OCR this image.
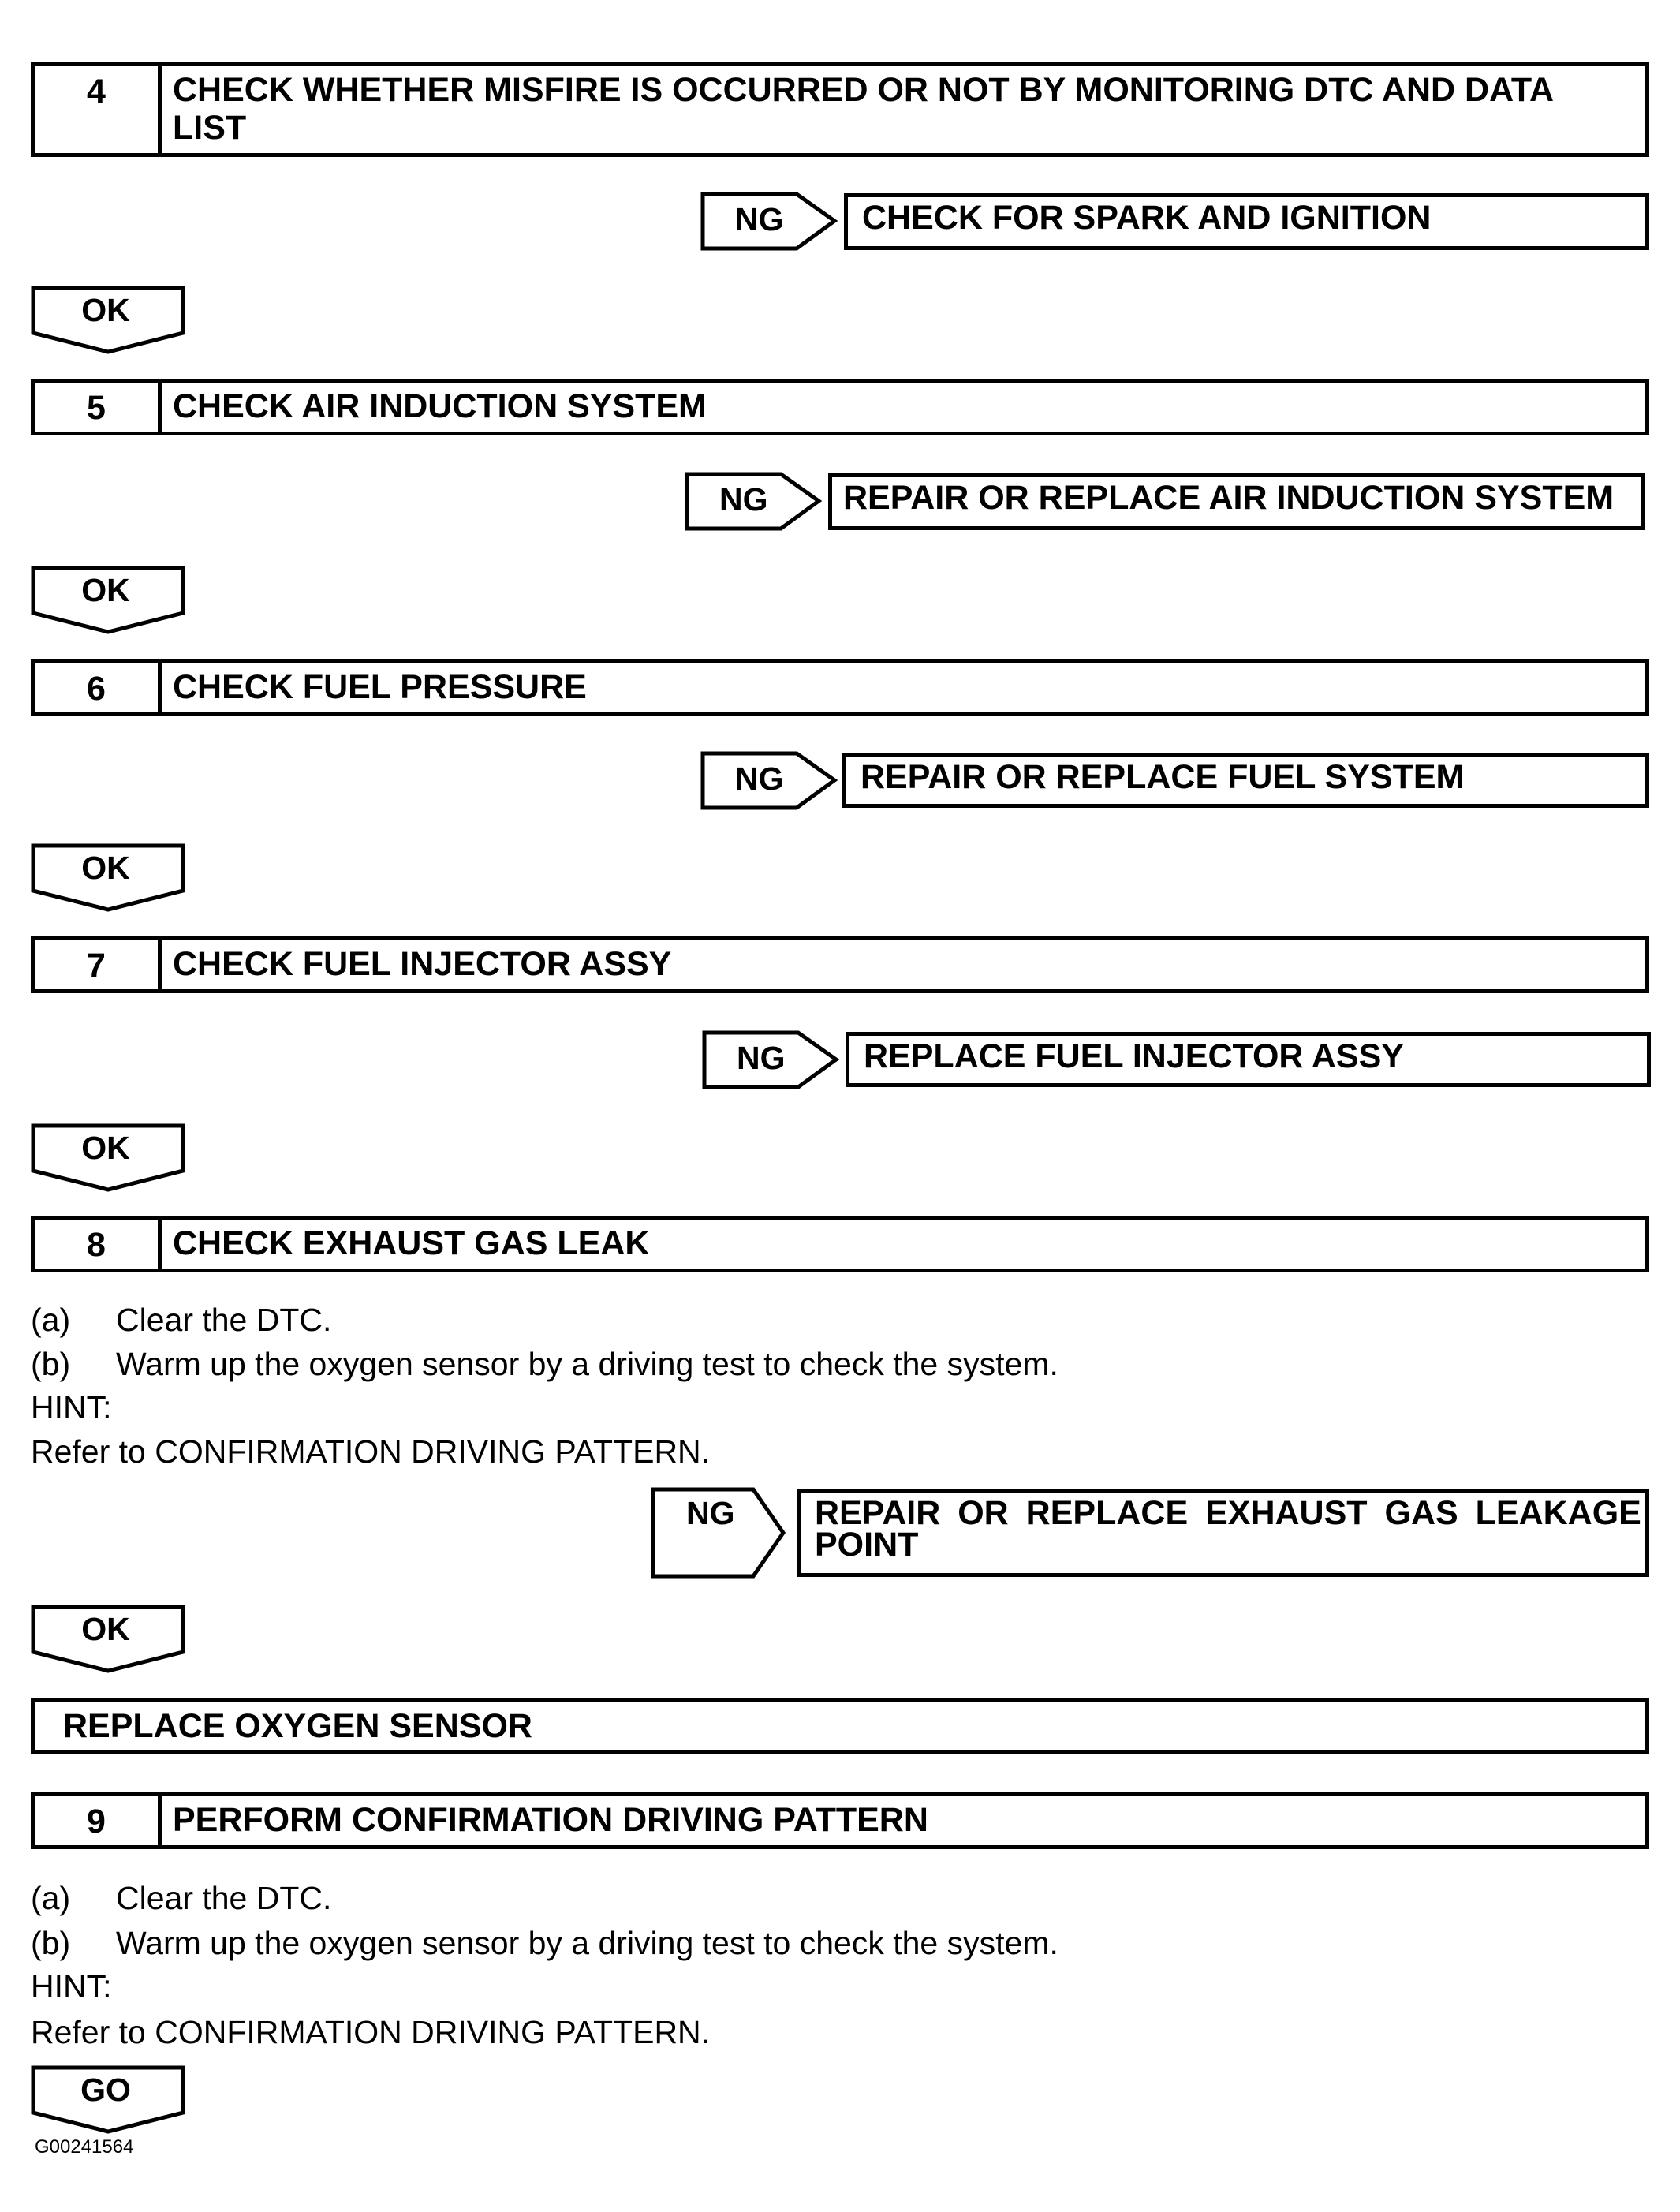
4	CHECK WHETHER MISFIRE IS OCCURRED OR NOT BY MONITORING DTC AND DATA LIST
NG	CHECK FOR SPARK AND IGNITION
OK
5	CHECK AIR INDUCTION SYSTEM
NG	REPAIR OR REPLACE AIR INDUCTION SYSTEM
OK
6	CHECK FUEL PRESSURE
NG	REPAIR OR REPLACE FUEL SYSTEM
OK
7	CHECK FUEL INJECTOR ASSY
NG	REPLACE FUEL INJECTOR ASSY
OK
8	CHECK EXHAUST GAS LEAK
(a) Clear the DTC.
(b) Warm up the oxygen sensor by a driving test to check the system.
HINT:
Refer to CONFIRMATION DRIVING PATTERN.
NG REPAIR OR REPLACE EXHAUST GAS LEAKAGE
POINT
OK
REPLACE OXYGEN SENSOR
9	PERFORM CONFIRMATION DRIVING PATTERN
(a) Clear the DTC.
(b) Warm up the oxygen sensor by a driving test to check the system.
HINT:
Refer to CONFIRMATION DRIVING PATTERN.
GO
G00241564
